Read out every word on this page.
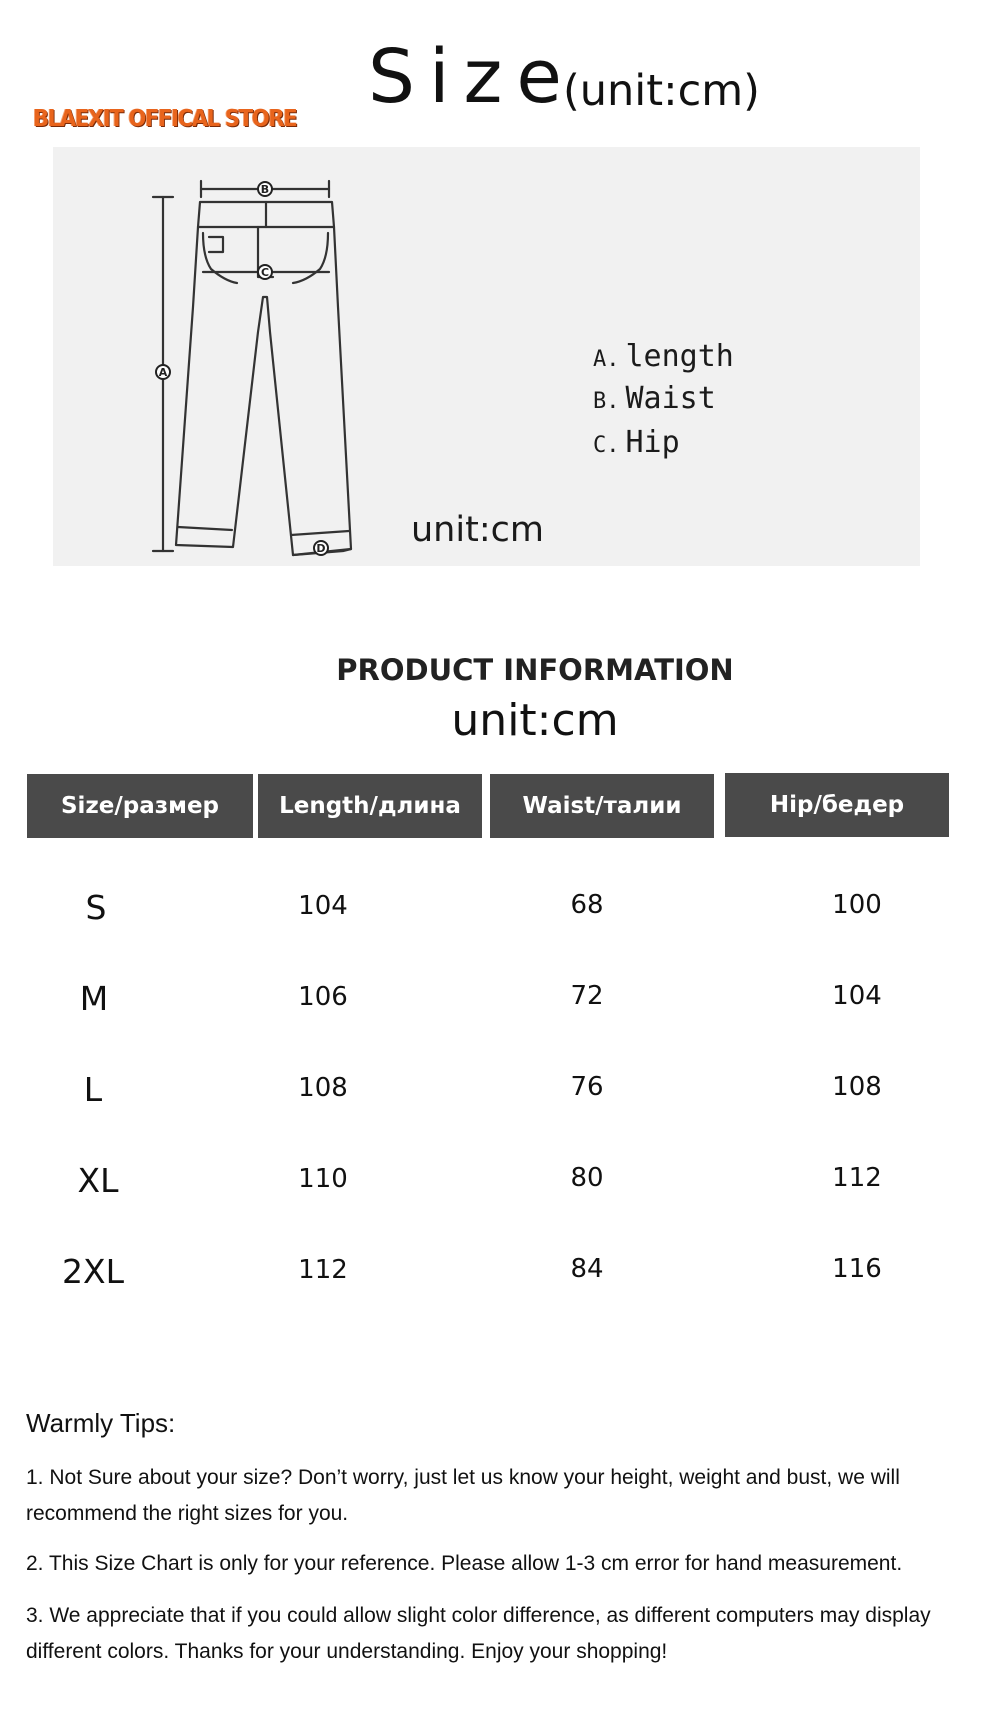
BLAEXIT OFFICAL STORE Size
(unit:cm)
A
B
C
D
A. length
B. Waist
C. Hip
unit:cm
PRODUCT INFORMATION
unit:cm
Size/размер	Length/длина	Waist/талии	Hip/бедер
S	104	68	100
M	106	72	104
L	108	76	108
XL	110	80	112
2XL	112	84	116
Warmly Tips:
1. Not Sure about your size? Don’t worry, just let us know your height, weight and bust, we will recommend the right sizes for you.
2. This Size Chart is only for your reference. Please allow 1-3 cm error for hand measurement.
3. We appreciate that if you could allow slight color difference, as different computers may display different colors. Thanks for your understanding. Enjoy your shopping!
